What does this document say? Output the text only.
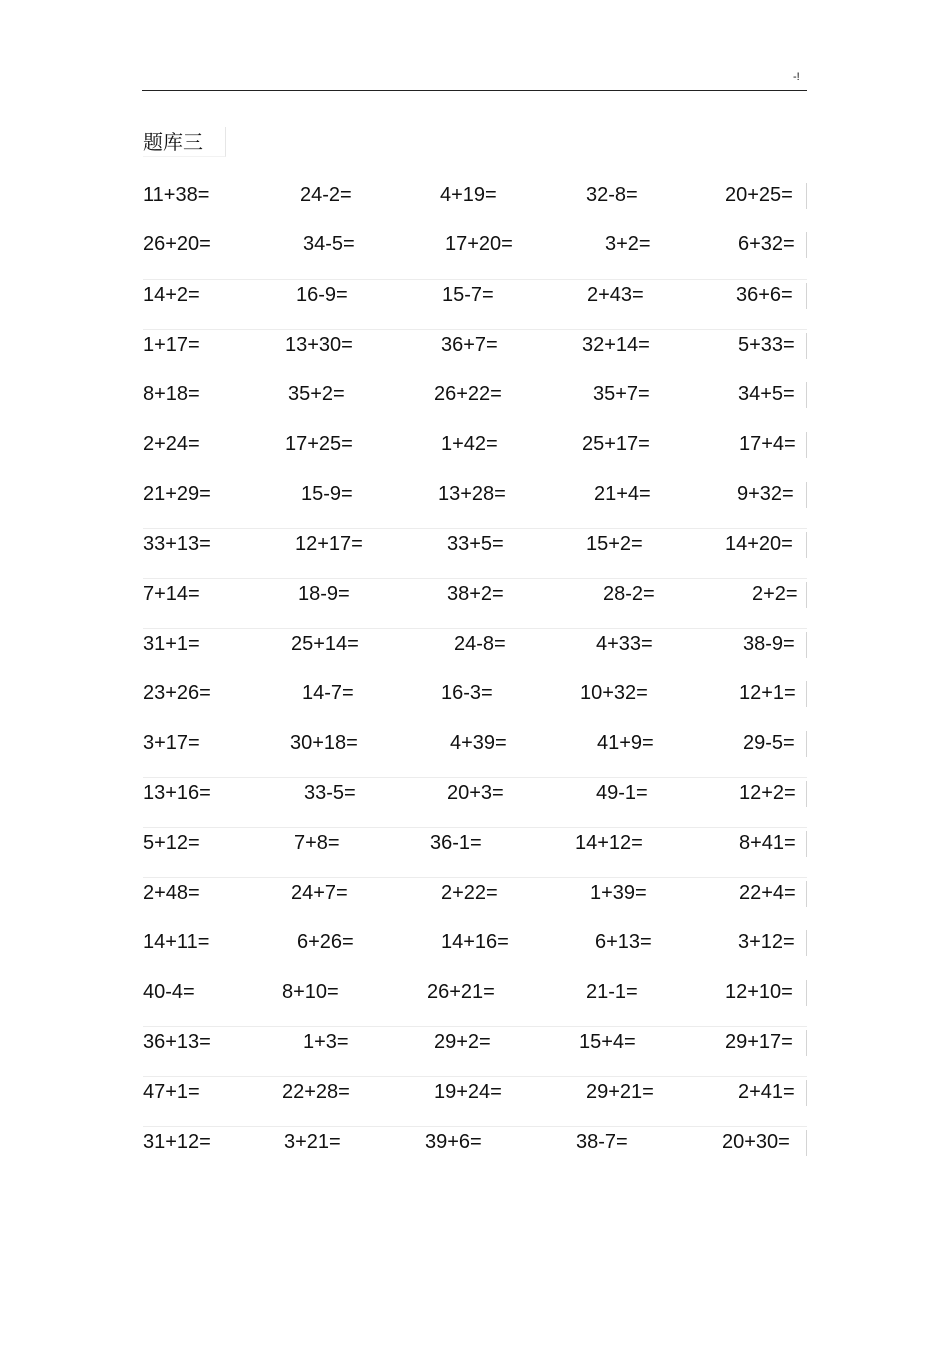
-!
题库三
11+38=	24-2=	4+19=	32-8=	20+25=
26+20=	34-5=	17+20=	3+2=	6+32=
14+2=	16-9=	15-7=	2+43=	36+6=
1+17=	13+30=	36+7=	32+14=	5+33=
8+18=	35+2=	26+22=	35+7=	34+5=
2+24=	17+25=	1+42=	25+17=	17+4=
21+29=	15-9=	13+28=	21+4=	9+32=
33+13=	12+17=	33+5=	15+2=	14+20=
7+14=	18-9=	38+2=	28-2=	2+2=
31+1=	25+14=	24-8=	4+33=	38-9=
23+26=	14-7=	16-3=	10+32=	12+1=
3+17=	30+18=	4+39=	41+9=	29-5=
13+16=	33-5=	20+3=	49-1=	12+2=
5+12=	7+8=	36-1=	14+12=	8+41=
2+48=	24+7=	2+22=	1+39=	22+4=
14+11=	6+26=	14+16=	6+13=	3+12=
40-4=	8+10=	26+21=	21-1=	12+10=
36+13=	1+3=	29+2=	15+4=	29+17=
47+1=	22+28=	19+24=	29+21=	2+41=
31+12=	3+21=	39+6=	38-7=	20+30=
